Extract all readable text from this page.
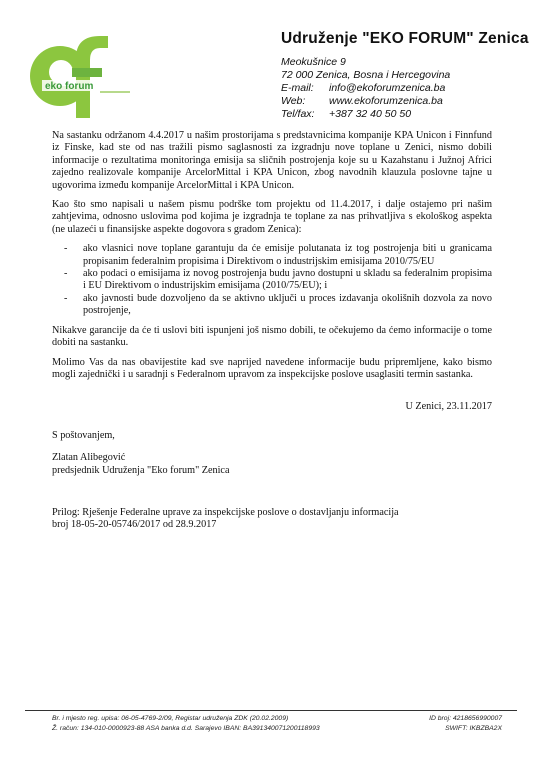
eko forum
Udruženje "EKO FORUM" Zenica
Meokušnice 9
72 000 Zenica, Bosna i Hercegovina
E-mail:	info@ekoforumzenica.ba
Web:	www.ekoforumzenica.ba
Tel/fax:	+387 32 40 50 50

Na sastanku održanom 4.4.2017 u našim prostorijama s predstavnicima kompanije KPA Unicon i Finnfund iz Finske, kad ste od nas tražili pismo saglasnosti za izgradnju nove toplane u Zenici, nismo dobili informacije o rezultatima monitoringa emisija sa sličnih postrojenja koje su u Kazahstanu i Južnoj Africi zajedno realizovale kompanije ArcelorMittal i KPA Unicon, zbog navodnih klauzula poslovne tajne u ugovorima između kompanije ArcelorMittal i KPA Unicon.

Kao što smo napisali u našem pismu podrške tom projektu od 11.4.2017, i dalje ostajemo pri našim zahtjevima, odnosno uslovima pod kojima je izgradnja te toplane za nas prihvatljiva s ekološkog aspekta (ne ulazeći u finansijske aspekte dogovora s gradom Zenica):

- ako vlasnici nove toplane garantuju da će emisije polutanata iz tog postrojenja biti u granicama propisanim federalnim propisima i Direktivom o industrijskim emisijama 2010/75/EU
- ako podaci o emisijama iz novog postrojenja budu javno dostupni u skladu sa federalnim propisima i EU Direktivom o industrijskim emisijama (2010/75/EU); i
- ako javnosti bude dozvoljeno da se aktivno uključi u proces izdavanja okolišnih dozvola za novo postrojenje,

Nikakve garancije da će ti uslovi biti ispunjeni još nismo dobili, te očekujemo da ćemo informacije o tome dobiti na sastanku.

Molimo Vas da nas obavijestite kad sve naprijed navedene informacije budu pripremljene, kako bismo mogli zajednički i u saradnji s Federalnom upravom za inspekcijske poslove usaglasiti termin sastanka.

U Zenici, 23.11.2017

S poštovanjem,

Zlatan Alibegović

predsjednik Udruženja "Eko forum" Zenica

Prilog: Rješenje Federalne uprave za inspekcijske poslove o dostavljanju informacija

broj 18-05-20-05746/2017 od 28.9.2017

Br. i mjesto reg. upisa: 06-05-4769-2/09, Registar udruženja ZDK (20.02.2009)	ID broj: 4218656990007
Ž. račun: 134-010-0000923-88 ASA banka d.d. Sarajevo IBAN: BA391340071200118993	SWIFT: IKBZBA2X
